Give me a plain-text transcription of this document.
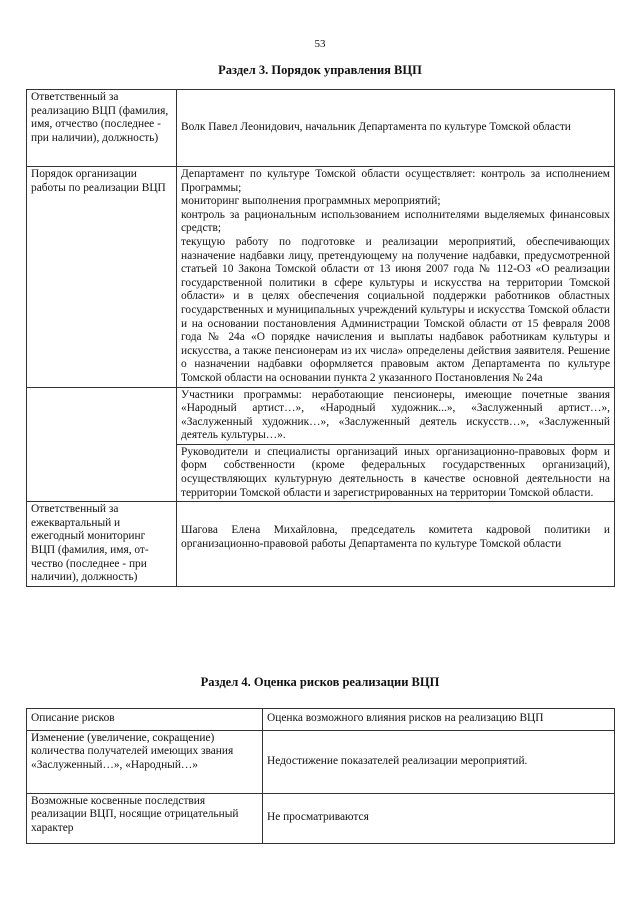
53
Раздел 3. Порядок управления ВЦП
Ответственный за реализацию ВЦП (фамилия, имя, отчество (последнее - при наличии), должность)	Волк Павел Леонидович, начальник Департамента по культуре Томской области
Порядок организации работы по реализации ВЦП	Департамент по культуре Томской области осуществляет: контроль за исполнением Программы;
мониторинг выполнения программных мероприятий;
контроль за рациональным использованием исполнителями выделяемых финансовых средств;
текущую работу по подготовке и реализации мероприятий, обеспечивающих назначение надбавки лицу, претендующему на получение надбавки, предусмотренной статьей 10 Закона Томской области от 13 июня 2007 года № 112-ОЗ «О реализации государственной политики в сфере культуры и искусства на территории Томской области» и в целях обеспечения социальной поддержки работников областных государственных и муниципальных учреждений культуры и искусства Томской области и на основании постановления Администрации Томской области от 15 февраля 2008 года № 24а «О порядке начисления и выплаты надбавок работникам культуры и искусства, а также пенсионерам из их числа» определены действия заявителя. Решение о назначении надбавки оформляется правовым актом Департамента по культуре Томской области на основании пункта 2 указанного Постановления № 24а
	Участники программы: неработающие пенсионеры, имеющие почетные звания «Народный артист…», «Народный художник...», «Заслуженный артист…», «Заслуженный художник…», «Заслуженный деятель искусств…», «Заслуженный деятель культуры…».
	Руководители и специалисты организаций иных организационно-правовых форм и форм собственности (кроме федеральных государственных организаций), осуществляющих культурную деятельность в качестве основной деятельности на территории Томской области и зарегистрированных на территории Томской области.
Ответственный за ежеквартальный и ежегодный мониторинг ВЦП (фамилия, имя, от-чество (последнее - при наличии), должность)	Шагова Елена Михайловна, председатель комитета кадровой политики и организационно-правовой работы Департамента по культуре Томской области
Раздел 4. Оценка рисков реализации ВЦП
Описание рисков	Оценка возможного влияния рисков на реализацию ВЦП
Изменение (увеличение, сокращение) количества получателей имеющих звания «Заслуженный…», «Народный…»	Недостижение показателей реализации мероприятий.
Возможные косвенные последствия реализации ВЦП, носящие отрицательный характер	Не просматриваются
